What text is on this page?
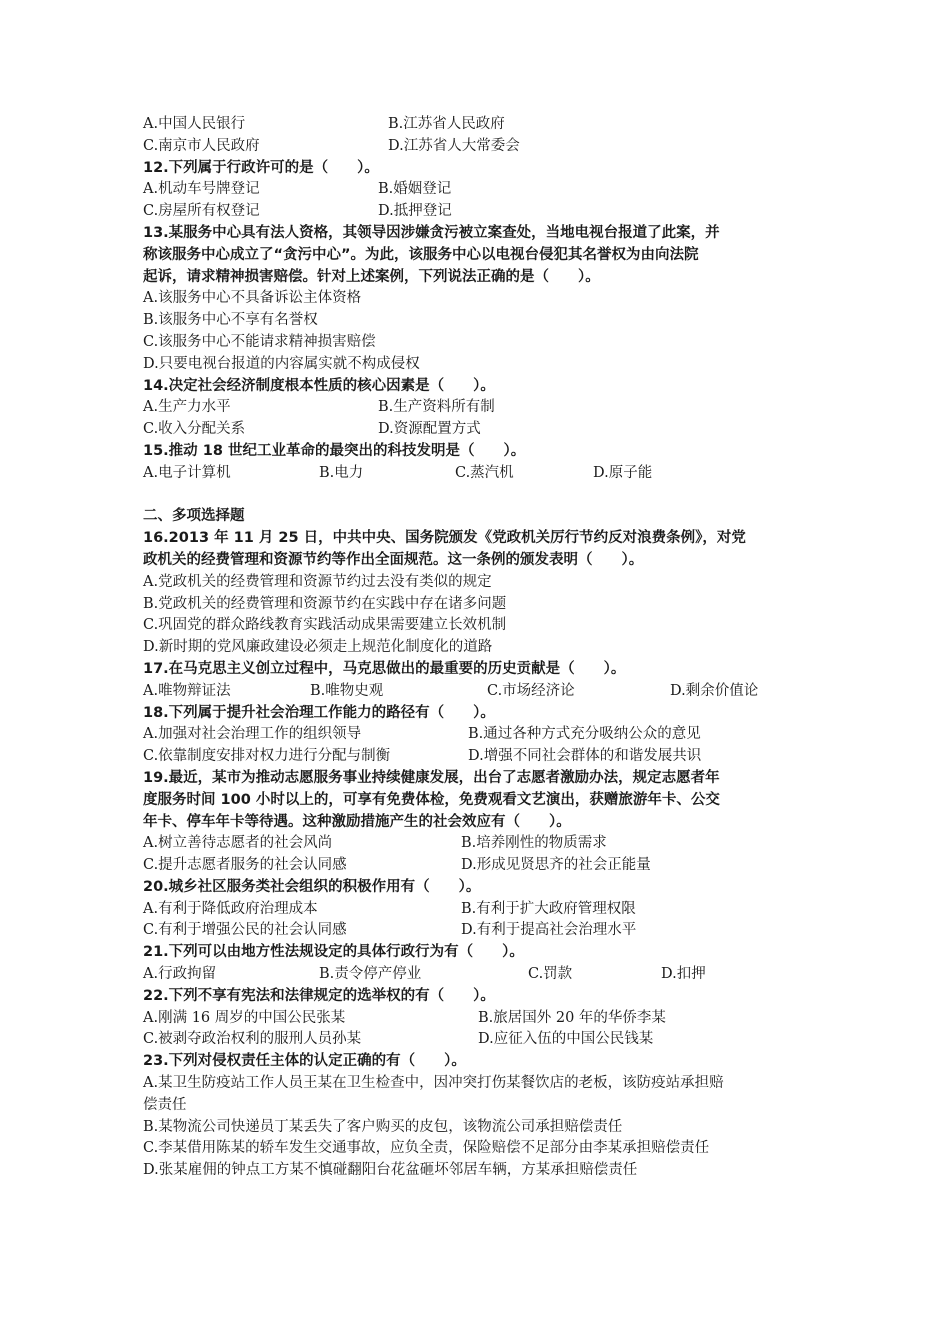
A.中国人民银行	B.江苏省人民政府
C.南京市人民政府	D.江苏省人大常委会
12.下列属于行政许可的是（　　）。
A.机动车号牌登记	B.婚姻登记
C.房屋所有权登记	D.抵押登记
13.某服务中心具有法人资格，其领导因涉嫌贪污被立案查处，当地电视台报道了此案，并
称该服务中心成立了“贪污中心”。为此，该服务中心以电视台侵犯其名誉权为由向法院
起诉，请求精神损害赔偿。针对上述案例，下列说法正确的是（　　）。
A.该服务中心不具备诉讼主体资格
B.该服务中心不享有名誉权
C.该服务中心不能请求精神损害赔偿
D.只要电视台报道的内容属实就不构成侵权
14.决定社会经济制度根本性质的核心因素是（　　）。
A.生产力水平	B.生产资料所有制
C.收入分配关系	D.资源配置方式
15.推动 18 世纪工业革命的最突出的科技发明是（　　）。
A.电子计算机	B.电力	C.蒸汽机	D.原子能
二、多项选择题
16.2013 年 11 月 25 日，中共中央、国务院颁发《党政机关厉行节约反对浪费条例》，对党
政机关的经费管理和资源节约等作出全面规范。这一条例的颁发表明（　　）。
A.党政机关的经费管理和资源节约过去没有类似的规定
B.党政机关的经费管理和资源节约在实践中存在诸多问题
C.巩固党的群众路线教育实践活动成果需要建立长效机制
D.新时期的党风廉政建设必须走上规范化制度化的道路
17.在马克思主义创立过程中，马克思做出的最重要的历史贡献是（　　）。
A.唯物辩证法	B.唯物史观	C.市场经济论	D.剩余价值论
18.下列属于提升社会治理工作能力的路径有（　　）。
A.加强对社会治理工作的组织领导	B.通过各种方式充分吸纳公众的意见
C.依靠制度安排对权力进行分配与制衡	D.增强不同社会群体的和谐发展共识
19.最近，某市为推动志愿服务事业持续健康发展，出台了志愿者激励办法，规定志愿者年
度服务时间 100 小时以上的，可享有免费体检，免费观看文艺演出，获赠旅游年卡、公交
年卡、停车年卡等待遇。这种激励措施产生的社会效应有（　　）。
A.树立善待志愿者的社会风尚	B.培养刚性的物质需求
C.提升志愿者服务的社会认同感	D.形成见贤思齐的社会正能量
20.城乡社区服务类社会组织的积极作用有（　　）。
A.有利于降低政府治理成本	B.有利于扩大政府管理权限
C.有利于增强公民的社会认同感	D.有利于提高社会治理水平
21.下列可以由地方性法规设定的具体行政行为有（　　）。
A.行政拘留	B.责令停产停业	C.罚款	D.扣押
22.下列不享有宪法和法律规定的选举权的有（　　）。
A.刚满 16 周岁的中国公民张某	B.旅居国外 20 年的华侨李某
C.被剥夺政治权利的服刑人员孙某	D.应征入伍的中国公民钱某
23.下列对侵权责任主体的认定正确的有（　　）。
A.某卫生防疫站工作人员王某在卫生检查中，因冲突打伤某餐饮店的老板，该防疫站承担赔
偿责任
B.某物流公司快递员丁某丢失了客户购买的皮包，该物流公司承担赔偿责任
C.李某借用陈某的轿车发生交通事故，应负全责，保险赔偿不足部分由李某承担赔偿责任
D.张某雇佣的钟点工方某不慎碰翻阳台花盆砸坏邻居车辆，方某承担赔偿责任
